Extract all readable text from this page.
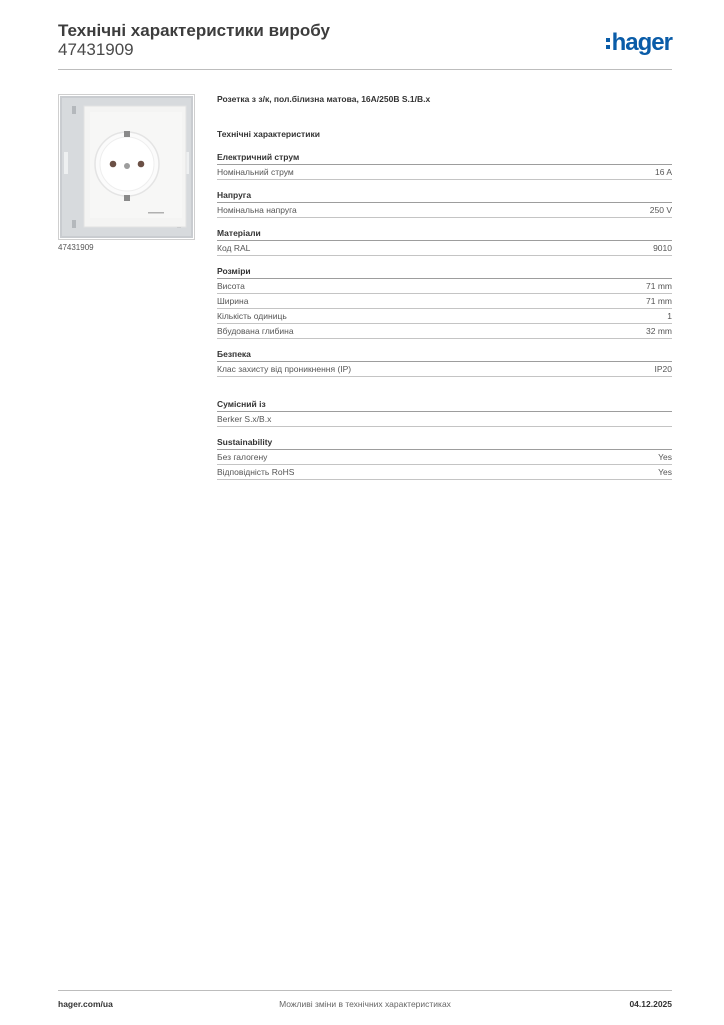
Технічні характеристики виробу
47431909	hager
47431909
Розетка з з/к, пол.білизна матова, 16A/250В S.1/B.x
Технічні характеристики
Електричний струм
Номінальний струм	16 A
Напруга
Номінальна напруга	250 V
Матеріали
Код RAL	9010
Розміри
Висота	71 mm
Ширина	71 mm
Кількість одиниць	1
Вбудована глибина	32 mm
Безпека
Клас захисту від проникнення (IP)	IP20
Сумісний із
Berker S.x/B.x
Sustainability
Без галогену	Yes
Відповідність RoHS	Yes
hager.com/ua	Можливі зміни в технічних характеристиках	04.12.2025
